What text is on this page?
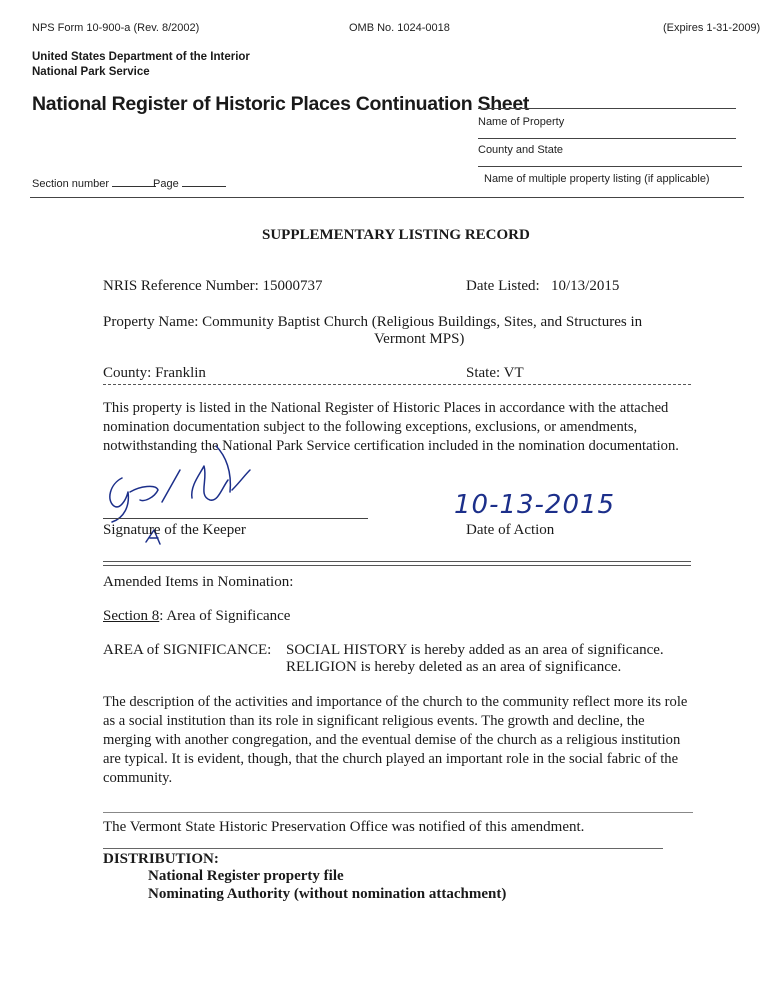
NPS Form 10-900-a (Rev. 8/2002)	OMB No. 1024-0018	(Expires 1-31-2009)
United States Department of the Interior
National Park Service
National Register of Historic Places Continuation Sheet
Name of Property
County and State
Name of multiple property listing (if applicable)
Section number	Page
SUPPLEMENTARY LISTING RECORD
NRIS Reference Number: 15000737	Date Listed: 10/13/2015
Property Name: Community Baptist Church (Religious Buildings, Sites, and Structures in
Vermont MPS)
County: Franklin	State: VT
This property is listed in the National Register of Historic Places in accordance with the attached nomination documentation subject to the following exceptions, exclusions, or amendments, notwithstanding the National Park Service certification included in the nomination documentation.
Signature of the Keeper
10-13-2015
Date of Action
Amended Items in Nomination:
Section 8: Area of Significance
AREA of SIGNIFICANCE: SOCIAL HISTORY is hereby added as an area of significance.
RELIGION is hereby deleted as an area of significance.
The description of the activities and importance of the church to the community reflect more its role as a social institution than its role in significant religious events. The growth and decline, the merging with another congregation, and the eventual demise of the church as a religious institution are typical. It is evident, though, that the church played an important role in the social fabric of the community.
The Vermont State Historic Preservation Office was notified of this amendment.
DISTRIBUTION:
National Register property file
Nominating Authority (without nomination attachment)
